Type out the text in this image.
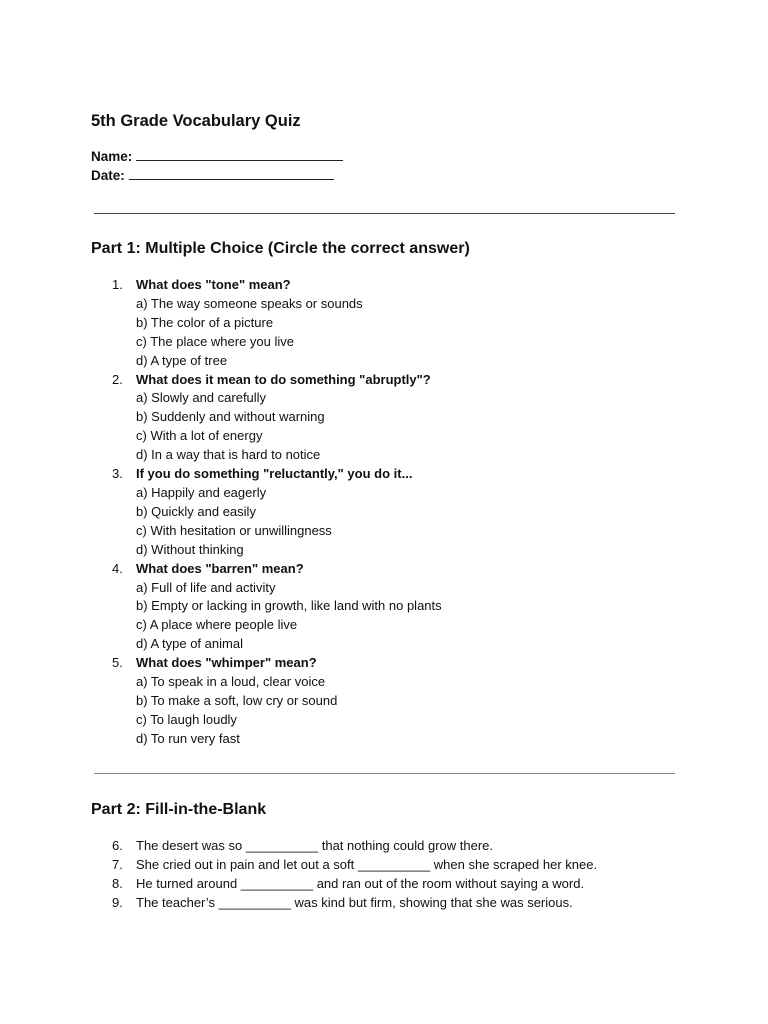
5th Grade Vocabulary Quiz

Name:

Date:

Part 1: Multiple Choice (Circle the correct answer)
1. What does "tone" mean?
a) The way someone speaks or sounds
b) The color of a picture
c) The place where you live
d) A type of tree
2. What does it mean to do something "abruptly"?
a) Slowly and carefully
b) Suddenly and without warning
c) With a lot of energy
d) In a way that is hard to notice
3. If you do something "reluctantly," you do it...
a) Happily and eagerly
b) Quickly and easily
c) With hesitation or unwillingness
d) Without thinking
4. What does "barren" mean?
a) Full of life and activity
b) Empty or lacking in growth, like land with no plants
c) A place where people live
d) A type of animal
5. What does "whimper" mean?
a) To speak in a loud, clear voice
b) To make a soft, low cry or sound
c) To laugh loudly
d) To run very fast
Part 2: Fill-in-the-Blank
6. The desert was so __________ that nothing could grow there.
7. She cried out in pain and let out a soft __________ when she scraped her knee.
8. He turned around __________ and ran out of the room without saying a word.
9. The teacher’s __________ was kind but firm, showing that she was serious.
